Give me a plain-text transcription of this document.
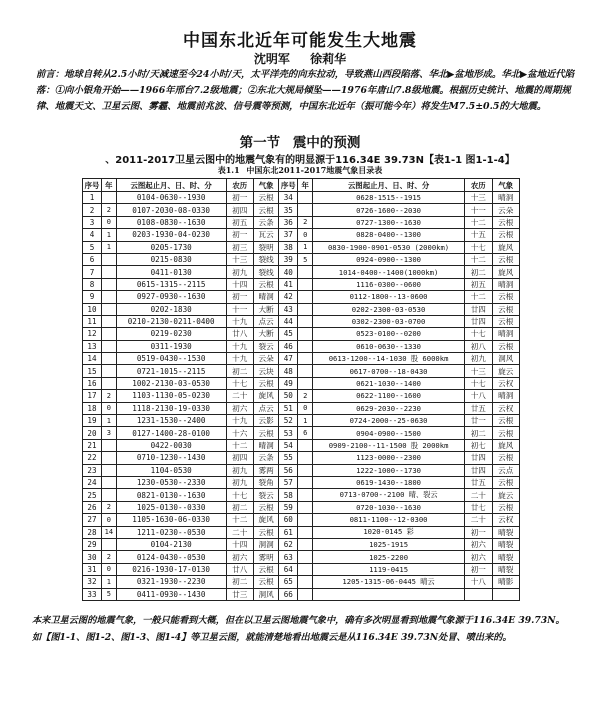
中国东北近年可能发生大地震
沈明军 徐莉华
前言：地球自转从2.5小时/天减速至今24小时/天，太平洋壳的向东拉动，导致燕山西段陷落、华北▶盆地形成。华北▶盆地近代陷落：①向小银角开始——1966年邢台7.2级地震；②东北大规局倾坠——1976年唐山7.8级地震。根据历史统计、地震的周期规律、地震天文、卫星云图、雾霾、地震前兆波、信号震等预测，中国东北近年（振可能今年）将发生M7.5±0.5的大地震。
第一节 震中的预测
、2011-2017卫星云图中的地震气象有的明显源于116.34E 39.73N【表1-1 图1-1-4】
表1.1 中国东北2011-2017地震气象目录表
序号	年	云图起止月、日、时、分	农历	气象	序号	年	云图起止月、日、时、分	农历	气象
1		0104-0630--1930	初一	云根	34		0628-1515--1915	十三	晴洞
2	2	0107-2030-08-0330	初四	云根	35		0726-1600--2030	十一	云朵
3	0	0108-0830--1630	初五	云条	36	2	0727-1300--1630	十二	云根
4	1	0203-1930-04-0230	初一	瓦云	37	0	0828-0400--1300	十五	云根
5	1	0205-1730	初三	裂明	38	1	0830-1900-0901-0530 (2000km)	十七	旋风
6		0215-0830	十三	裂线	39	5	0924-0900--1300	十二	云根
7		0411-0130	初九	裂线	40		1014-0400--1400(1000km)	初二	旋风
8		0615-1315--2115	十四	云根	41		1116-0300--0600	初五	晴洞
9		0927-0930--1630	初一	晴洞	42		0112-1800--13-0600	十二	云根
10		0202-1830	十一	大断	43		0202-2300-03-0530	廿四	云根
11		0210-2130-0211-0400	十九	点云	44		0302-2300-03-0700	廿四	云根
12		0219-0230	廿八	大断	45		0523-0100--0200	十七	晴洞
13		0311-1930	十九	裂云	46		0610-0630--1330	初八	云根
14		0519-0430--1530	十九	云朵	47		0613-1200--14-1030 股 6000km	初九	洞风
15		0721-1015--2115	初二	云块	48		0617-0700--18-0430	十三	旋云
16		1002-2130-03-0530	十七	云根	49		0621-1030--1400	十七	云权
17	2	1103-1130-05-0230	二十	旋风	50	2	0622-1100--1600	十八	晴洞
18	0	1118-2130-19-0330	初六	点云	51	0	0629-2030--2230	廿五	云权
19	1	1231-1530--2400	十九	云影	52	1	0724-2000--25-0630	廿一	云根
20	3	0127-1400-28-0100	十六	云根	53	6	0904-0900--1500	初二	云根
21		0422-0030	十二	晴洞	54		0909-2100--11-1500 股 2000km	初七	旋风
22		0710-1230--1430	初四	云条	55		1123-0000--2300	廿四	云根
23		1104-0530	初九	雾两	56		1222-1000--1730	廿四	云点
24		1230-0530--2330	初九	裂角	57		0619-1430--1800	廿五	云根
25		0821-0130--1630	十七	裂云	58		0713-0700--2100 晴、裂云	二十	旋云
26	2	1025-0130--0330	初二	云根	59		0720-1030--1630	廿七	云根
27	0	1105-1630-06-0330	十二	旋风	60		0811-1100--12-0300	二十	云权
28	14	1211-0230--0530	二十	云根	61		1020-0145 彩	初一	晴裂
29		0104-2130	十四	洞洞	62		1025-1915	初六	晴裂
30	2	0124-0430--0530	初六	雾明	63		1025-2200	初六	晴裂
31	0	0216-1930-17-0130	廿八	云根	64		1119-0415	初一	晴裂
32	1	0321-1930--2230	初二	云根	65		1205-1315-06-0445 晴云	十八	晴影
33	5	0411-0930--1430	廿三	洞风	66				
本来卫星云图的地震气象，一般只能看到大概，但在以卫星云图地震气象中，确有多次明显看到地震气象源于116.34E 39.73N。如【图1-1、图1-2、图1-3、图1-4】等卫星云图，就能清楚地看出地震云是从116.34E 39.73N处冒、喷出来的。
